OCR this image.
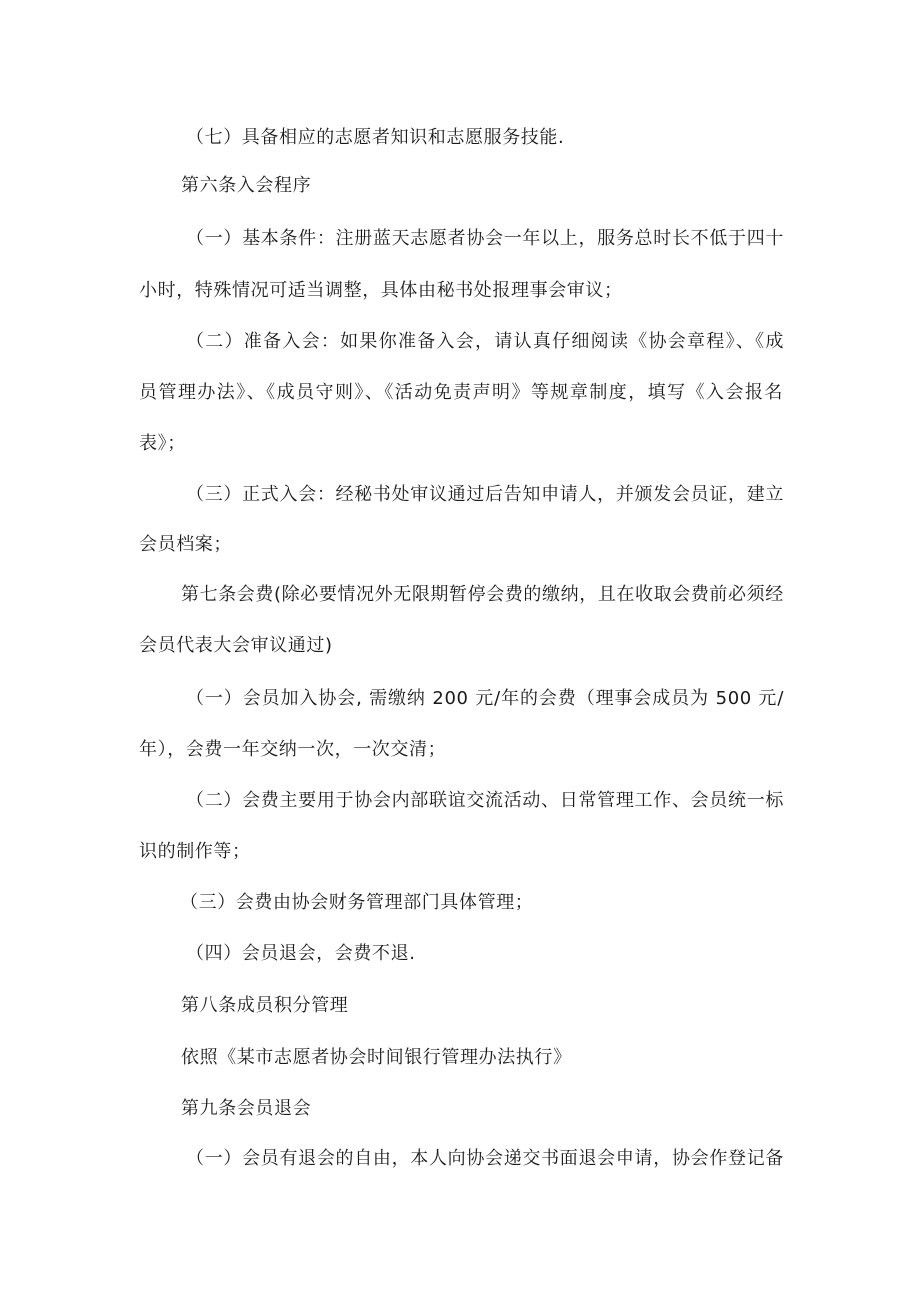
（七）具备相应的志愿者知识和志愿服务技能.
第六条入会程序
（一）基本条件：注册蓝天志愿者协会一年以上，服务总时长不低于四十
小时，特殊情况可适当调整，具体由秘书处报理事会审议；
（二）准备入会：如果你准备入会，请认真仔细阅读《协会章程》、《成
员管理办法》、《成员守则》、《活动免责声明》等规章制度，填写《入会报名
表》；
（三）正式入会：经秘书处审议通过后告知申请人，并颁发会员证，建立
会员档案；
第七条会费(除必要情况外无限期暂停会费的缴纳，且在收取会费前必须经
会员代表大会审议通过)
（一）会员加入协会, 需缴纳 200 元/年的会费（理事会成员为 500 元/
年），会费一年交纳一次，一次交清；
（二）会费主要用于协会内部联谊交流活动、日常管理工作、会员统一标
识的制作等；
（三）会费由协会财务管理部门具体管理；
（四）会员退会，会费不退.
第八条成员积分管理
依照《某市志愿者协会时间银行管理办法执行》
第九条会员退会
（一）会员有退会的自由，本人向协会递交书面退会申请，协会作登记备
